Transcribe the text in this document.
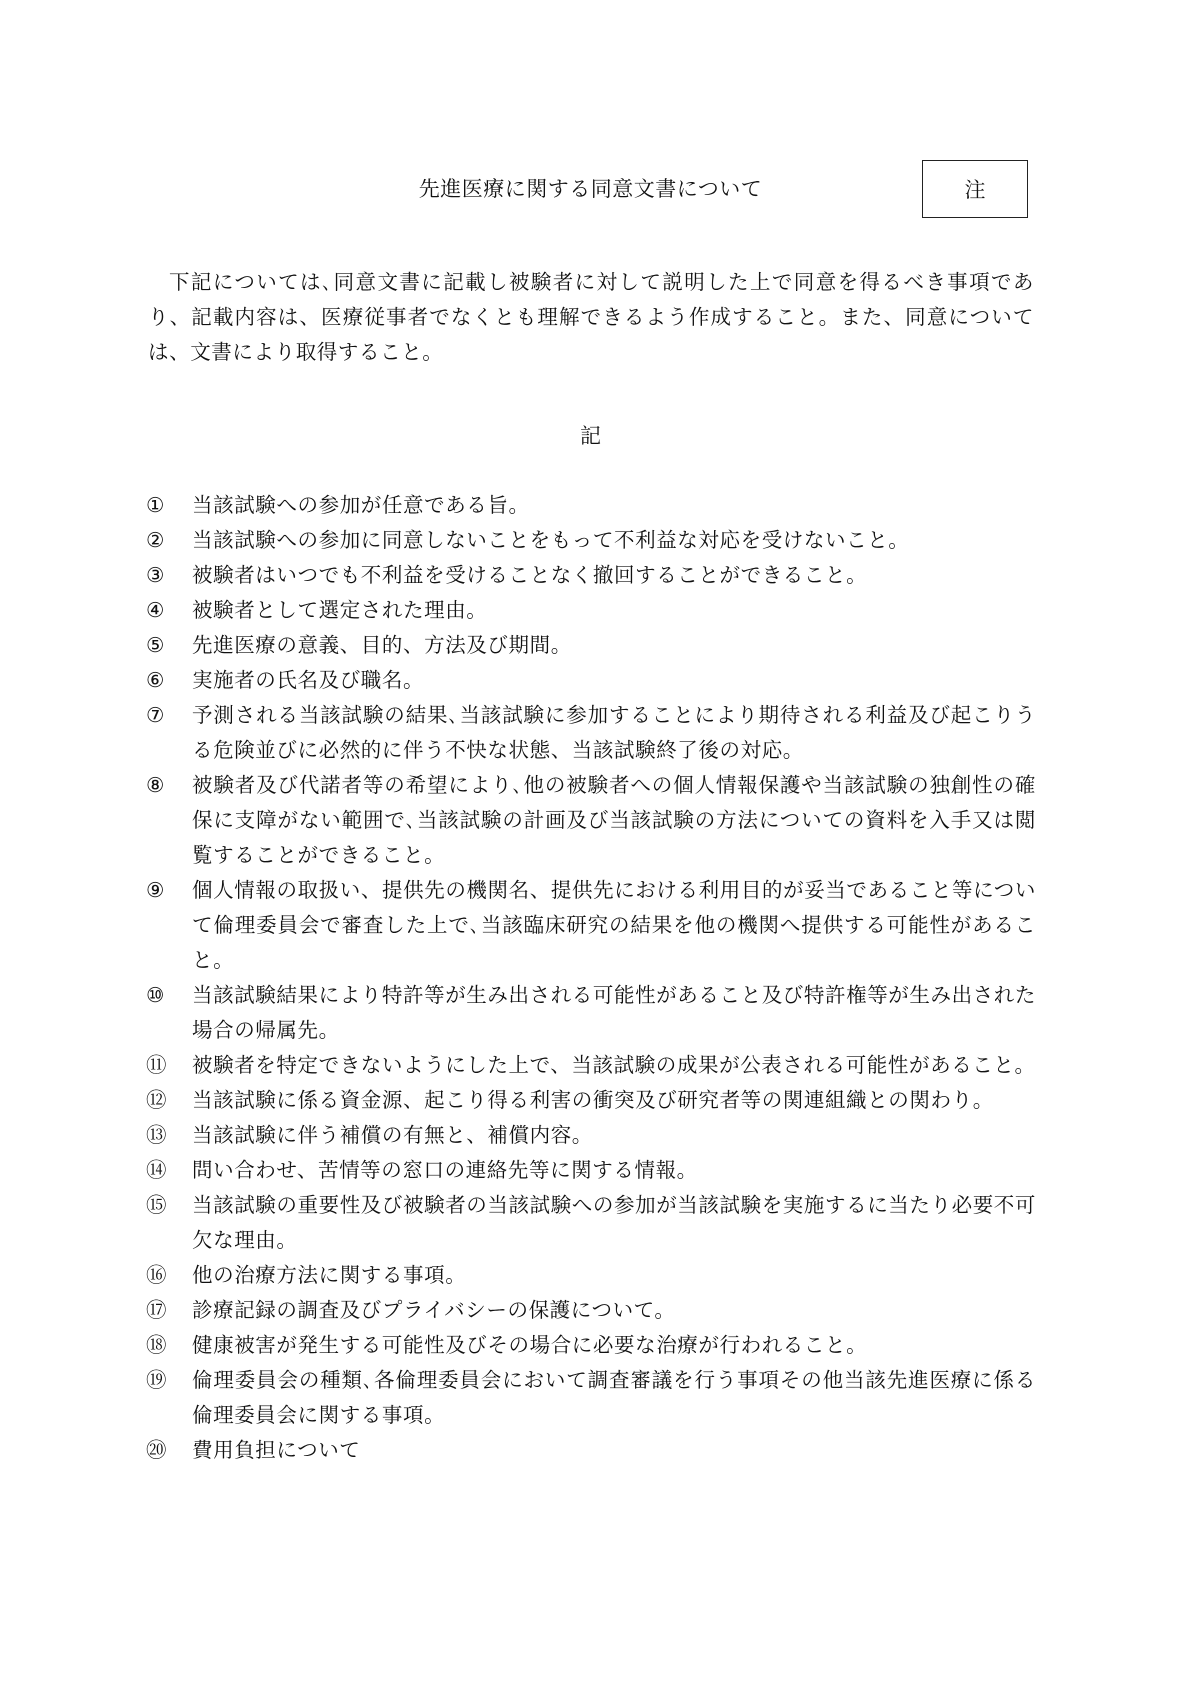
先進医療に関する同意文書について	注

下記については､同意文書に記載し被験者に対して説明した上で同意を得るべき事項であり、記載内容は、医療従事者でなくとも理解できるよう作成すること。また、同意については、文書により取得すること。

記
①	当該試験への参加が任意である旨。
②	当該試験への参加に同意しないことをもって不利益な対応を受けないこと。
③	被験者はいつでも不利益を受けることなく撤回することができること。
④	被験者として選定された理由。
⑤	先進医療の意義、目的、方法及び期間。
⑥	実施者の氏名及び職名。
⑦	予測される当該試験の結果､当該試験に参加することにより期待される利益及び起こりうる危険並びに必然的に伴う不快な状態、当該試験終了後の対応。
⑧	被験者及び代諾者等の希望により､他の被験者への個人情報保護や当該試験の独創性の確保に支障がない範囲で､当該試験の計画及び当該試験の方法についての資料を入手又は閲覧することができること。
⑨	個人情報の取扱い、提供先の機関名、提供先における利用目的が妥当であること等について倫理委員会で審査した上で､当該臨床研究の結果を他の機関へ提供する可能性があること。
⑩	当該試験結果により特許等が生み出される可能性があること及び特許権等が生み出された場合の帰属先。
⑪	被験者を特定できないようにした上で、当該試験の成果が公表される可能性があること。
⑫	当該試験に係る資金源、起こり得る利害の衝突及び研究者等の関連組織との関わり。
⑬	当該試験に伴う補償の有無と、補償内容。
⑭	問い合わせ、苦情等の窓口の連絡先等に関する情報。
⑮	当該試験の重要性及び被験者の当該試験への参加が当該試験を実施するに当たり必要不可欠な理由。
⑯	他の治療方法に関する事項。
⑰	診療記録の調査及びプライバシーの保護について。
⑱	健康被害が発生する可能性及びその場合に必要な治療が行われること。
⑲	倫理委員会の種類､各倫理委員会において調査審議を行う事項その他当該先進医療に係る倫理委員会に関する事項。
⑳	費用負担について
